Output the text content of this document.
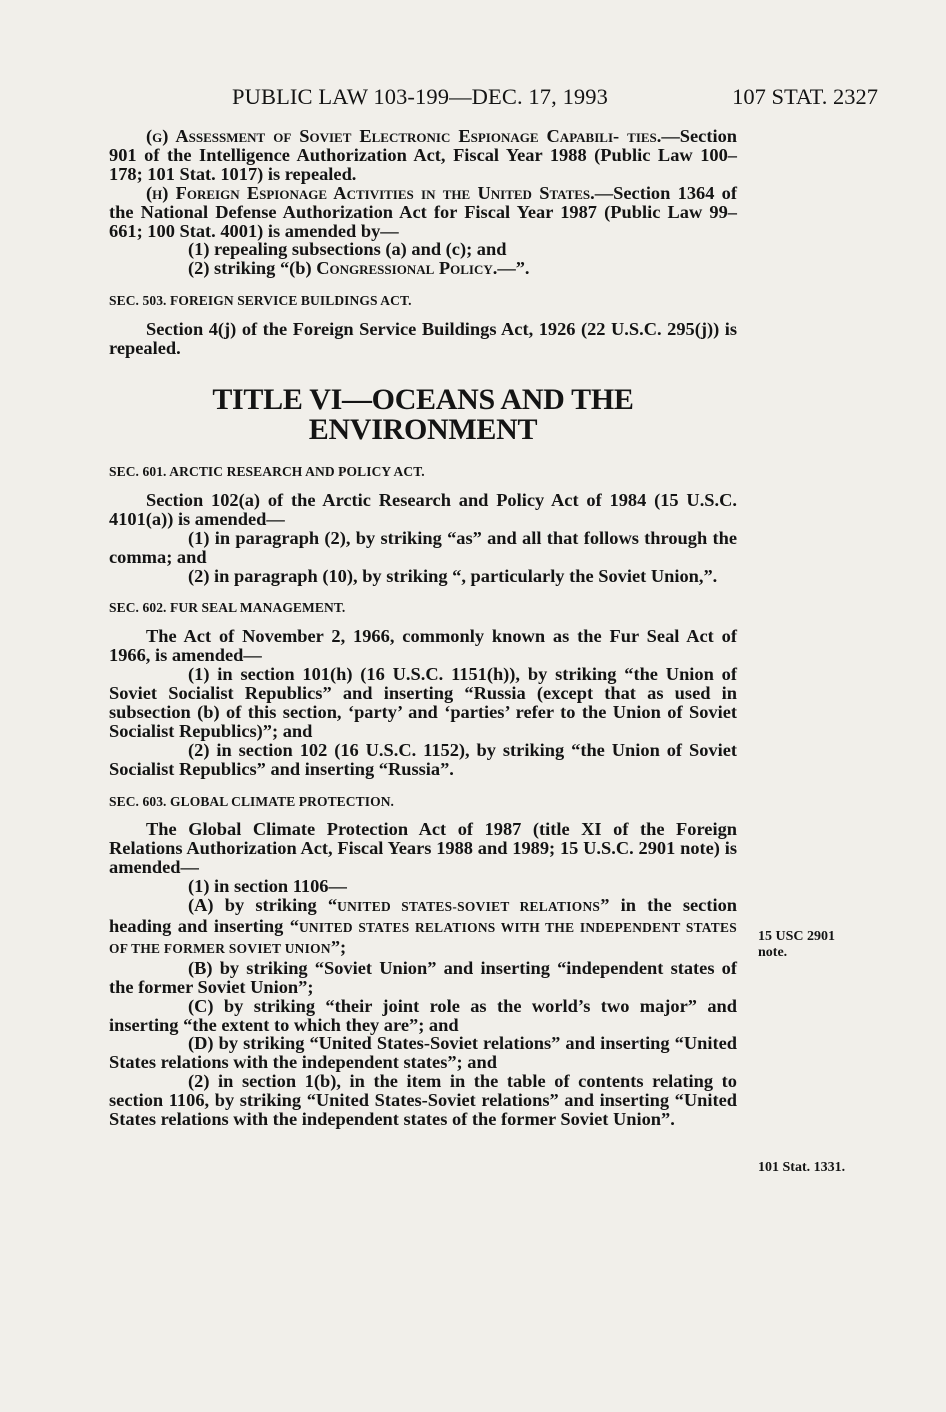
PUBLIC LAW 103-199—DEC. 17, 1993	107 STAT. 2327

(g) Assessment of Soviet Electronic Espionage Capabili- ties.—Section 901 of the Intelligence Authorization Act, Fiscal Year 1988 (Public Law 100–178; 101 Stat. 1017) is repealed.

(h) Foreign Espionage Activities in the United States.—Section 1364 of the National Defense Authorization Act for Fiscal Year 1987 (Public Law 99–661; 100 Stat. 4001) is amended by—

(1) repealing subsections (a) and (c); and

(2) striking “(b) Congressional Policy.—”.

SEC. 503. FOREIGN SERVICE BUILDINGS ACT.

Section 4(j) of the Foreign Service Buildings Act, 1926 (22 U.S.C. 295(j)) is repealed.

TITLE VI—OCEANS AND THE
ENVIRONMENT

SEC. 601. ARCTIC RESEARCH AND POLICY ACT.

Section 102(a) of the Arctic Research and Policy Act of 1984 (15 U.S.C. 4101(a)) is amended—

(1) in paragraph (2), by striking “as” and all that follows through the comma; and

(2) in paragraph (10), by striking “, particularly the Soviet Union,”.

SEC. 602. FUR SEAL MANAGEMENT.

The Act of November 2, 1966, commonly known as the Fur Seal Act of 1966, is amended—

(1) in section 101(h) (16 U.S.C. 1151(h)), by striking “the Union of Soviet Socialist Republics” and inserting “Russia (except that as used in subsection (b) of this section, ‘party’ and ‘parties’ refer to the Union of Soviet Socialist Republics)”; and

(2) in section 102 (16 U.S.C. 1152), by striking “the Union of Soviet Socialist Republics” and inserting “Russia”.

SEC. 603. GLOBAL CLIMATE PROTECTION.

The Global Climate Protection Act of 1987 (title XI of the Foreign Relations Authorization Act, Fiscal Years 1988 and 1989; 15 U.S.C. 2901 note) is amended—

(1) in section 1106—

(A) by striking “UNITED STATES-SOVIET RELATIONS” in the section heading and inserting “UNITED STATES RELATIONS WITH THE INDEPENDENT STATES OF THE FORMER SOVIET UNION”;

(B) by striking “Soviet Union” and inserting “independent states of the former Soviet Union”;

(C) by striking “their joint role as the world’s two major” and inserting “the extent to which they are”; and

(D) by striking “United States-Soviet relations” and inserting “United States relations with the independent states”; and

(2) in section 1(b), in the item in the table of contents relating to section 1106, by striking “United States-Soviet relations” and inserting “United States relations with the independent states of the former Soviet Union”.

15 USC 2901
note.
101 Stat. 1331.
